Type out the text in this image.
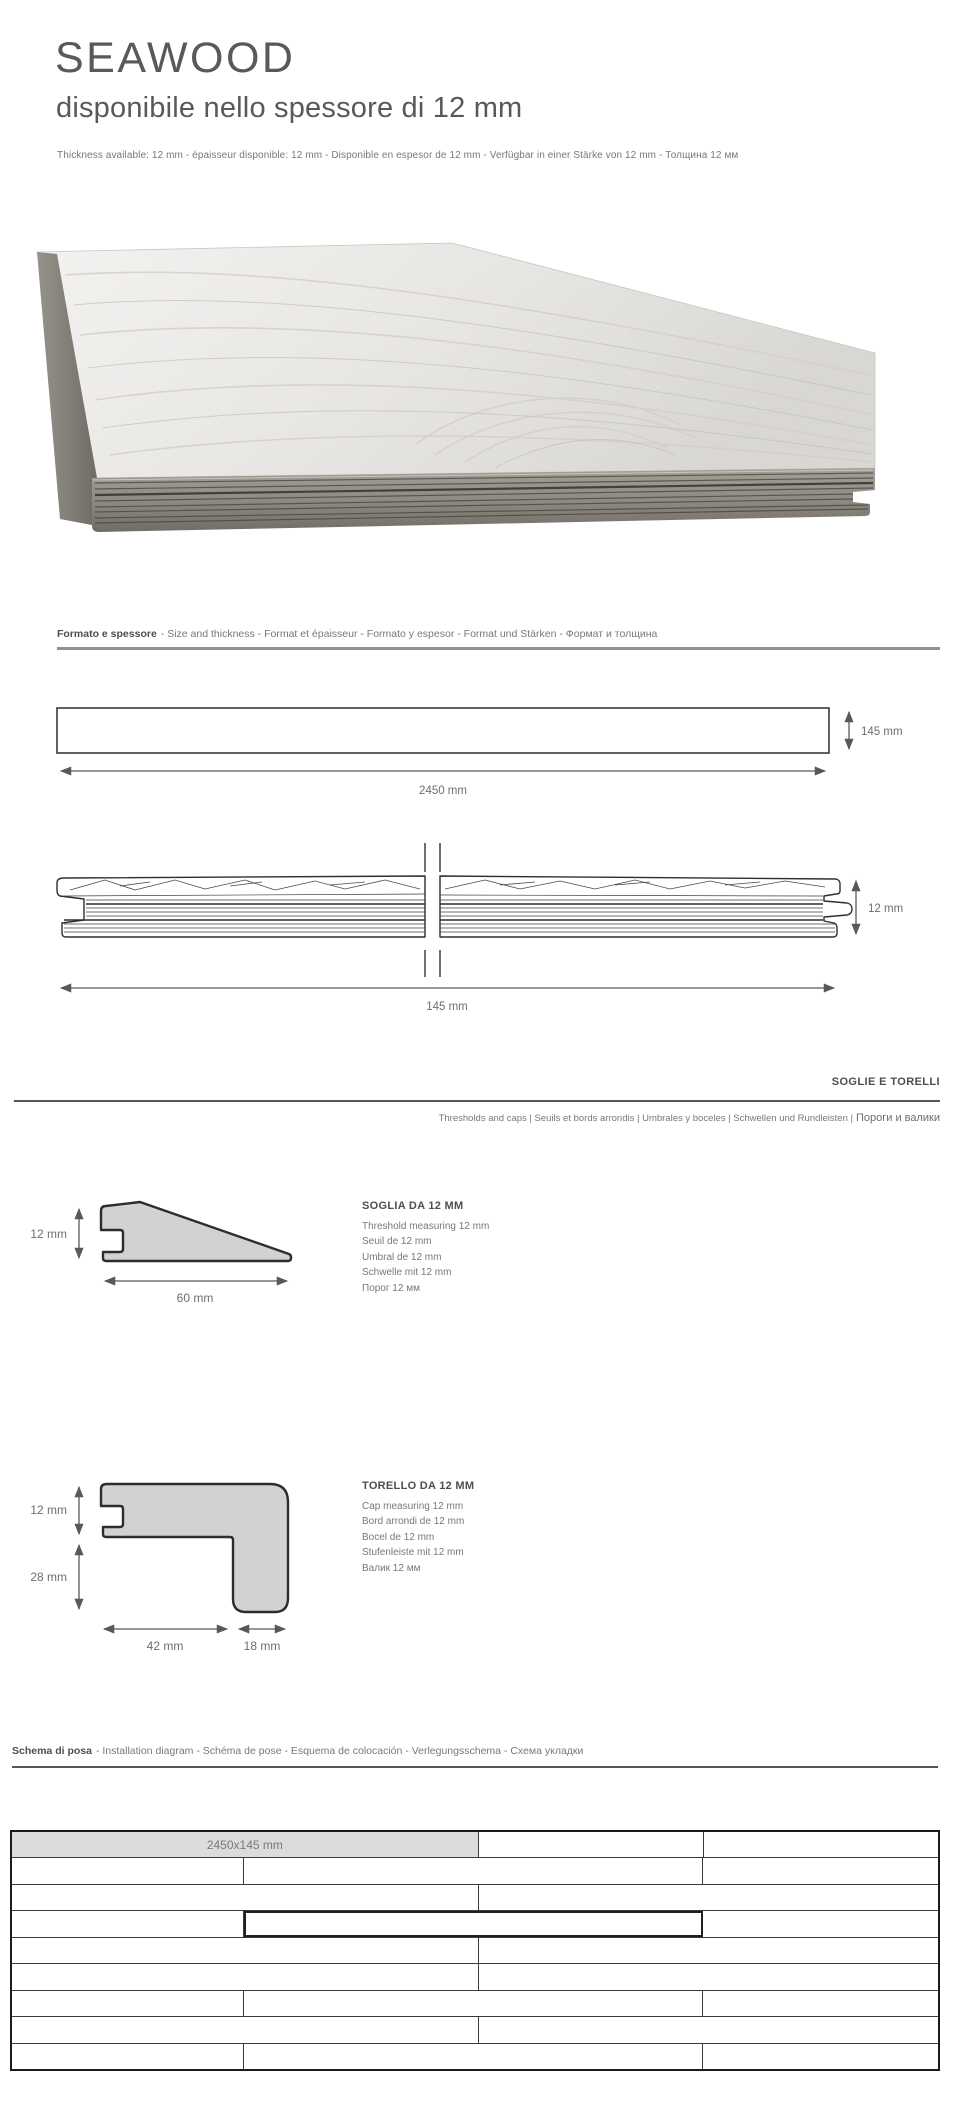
SEAWOOD
disponibile nello spessore di 12 mm
Thickness available: 12 mm - épaisseur disponible: 12 mm - Disponible en espesor de 12 mm - Verfügbar in einer Stärke von 12 mm - Толщина 12 мм
Formato e spessore - Size and thickness - Format et épaisseur - Formato y espesor - Format und Stärken - Формат и толщина
145 mm
2450 mm
12 mm
145 mm
SOGLIE E TORELLI
Thresholds and caps | Seuils et bords arrondis | Umbrales y boceles | Schwellen und Rundleisten | Пороги и валики
12 mm
60 mm
SOGLIA DA 12 MM
Threshold measuring 12 mm
Seuil de 12 mm
Umbral de 12 mm
Schwelle mit 12 mm
Порог 12 мм
12 mm
28 mm
42 mm	18 mm
TORELLO DA 12 MM
Cap measuring 12 mm
Bord arrondi de 12 mm
Bocel de 12 mm
Stufenleiste mit 12 mm
Валик 12 мм
Schema di posa - Installation diagram - Schéma de pose - Esquema de colocación - Verlegungsschema - Схема укладки
2450x145 mm
